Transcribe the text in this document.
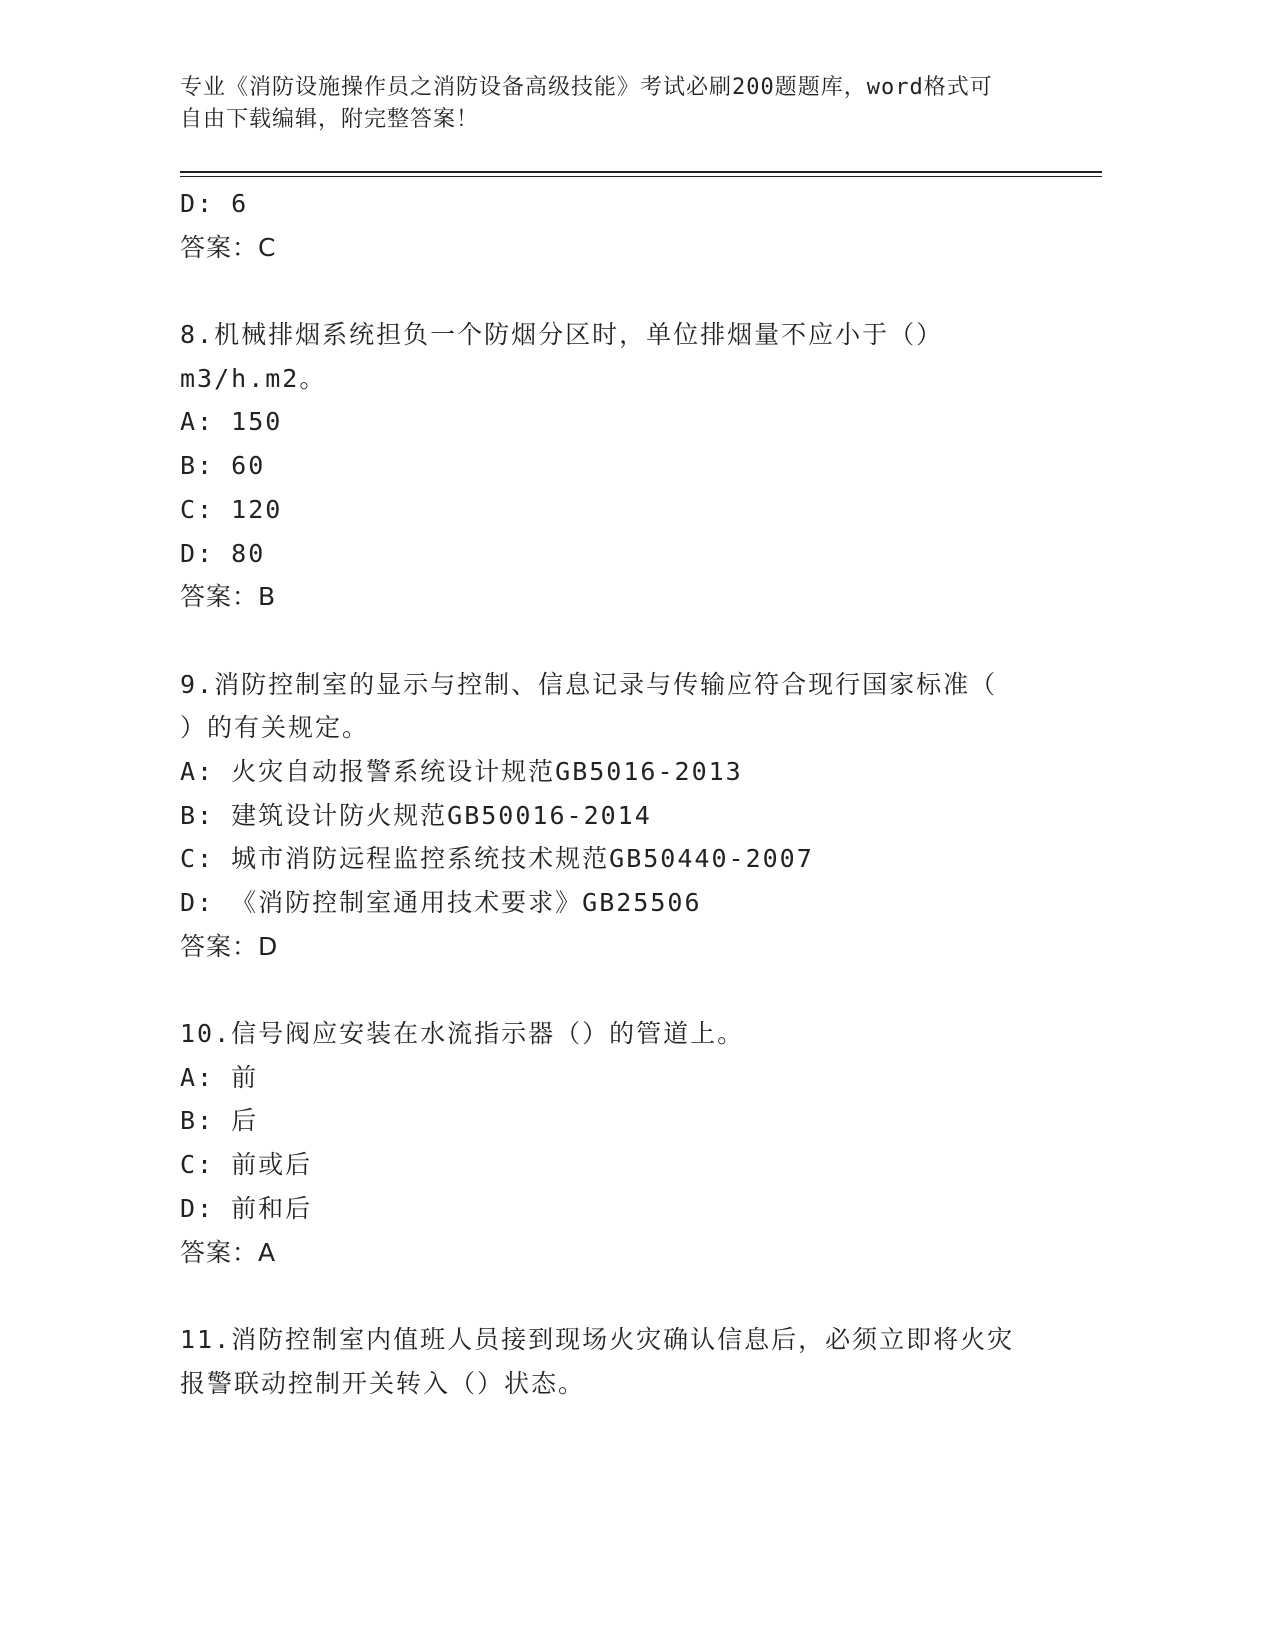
专业《消防设施操作员之消防设备高级技能》考试必刷200题题库，word格式可
自由下载编辑，附完整答案！
D: 6
答案：C
8.机械排烟系统担负一个防烟分区时，单位排烟量不应小于（）
m3/h.m2。
A: 150
B: 60
C: 120
D: 80
答案：B
9.消防控制室的显示与控制、信息记录与传输应符合现行国家标准（
）的有关规定。
A: 火灾自动报警系统设计规范GB5016-2013
B: 建筑设计防火规范GB50016-2014
C: 城市消防远程监控系统技术规范GB50440-2007
D: 《消防控制室通用技术要求》GB25506
答案：D
10.信号阀应安装在水流指示器（）的管道上。
A: 前
B: 后
C: 前或后
D: 前和后
答案：A
11.消防控制室内值班人员接到现场火灾确认信息后，必须立即将火灾
报警联动控制开关转入（）状态。
